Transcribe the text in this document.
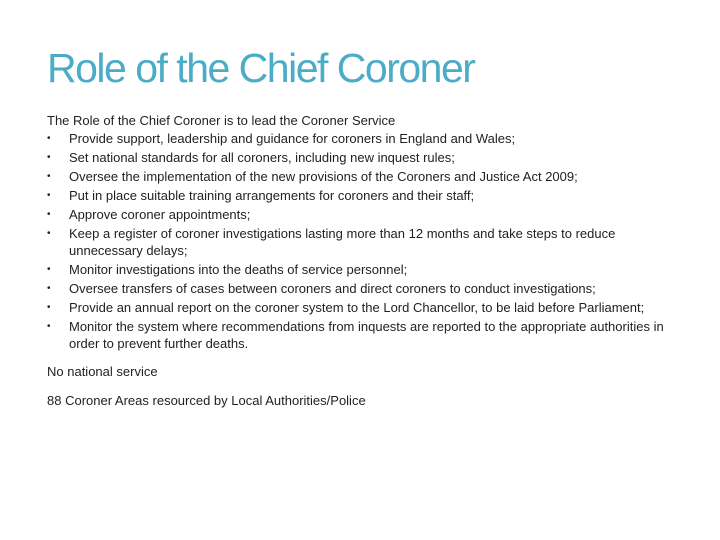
Role of the Chief Coroner

The Role of the Chief Coroner is to lead the Coroner Service

•	Provide support, leadership and guidance for coroners in England and Wales;
•	Set national standards for all coroners, including new inquest rules;
•	Oversee the implementation of the new provisions of the Coroners and Justice Act 2009;
•	Put in place suitable training arrangements for coroners and their staff;
•	Approve coroner appointments;
•	Keep a register of coroner investigations lasting more than 12 months and take steps to reduce unnecessary delays;
•	Monitor investigations into the deaths of service personnel;
•	Oversee transfers of cases between coroners and direct coroners to conduct investigations;
•	Provide an annual report on the coroner system to the Lord Chancellor, to be laid before Parliament;
•	Monitor the system where recommendations from inquests are reported to the appropriate authorities in order to prevent further deaths.

No national service

88 Coroner Areas resourced by Local Authorities/Police
